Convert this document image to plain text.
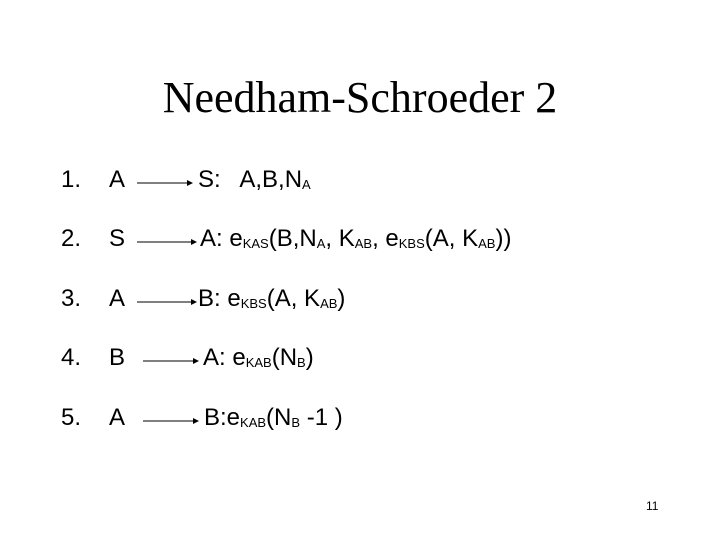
Needham-Schroeder 2
1. A	S:   $A,B,N_A$
2. S	A: $e_{KAS}(B,N_A$, $K_{AB}$, $e_{KBS}(A$, $K_{AB}$))
3. A	B: $e_{KBS}(A$, $K_{AB}$)
4. B	A: $e_{KAB}(N_B)$
5. A	$B:e_{KAB}(N_B$ -1 )
11
